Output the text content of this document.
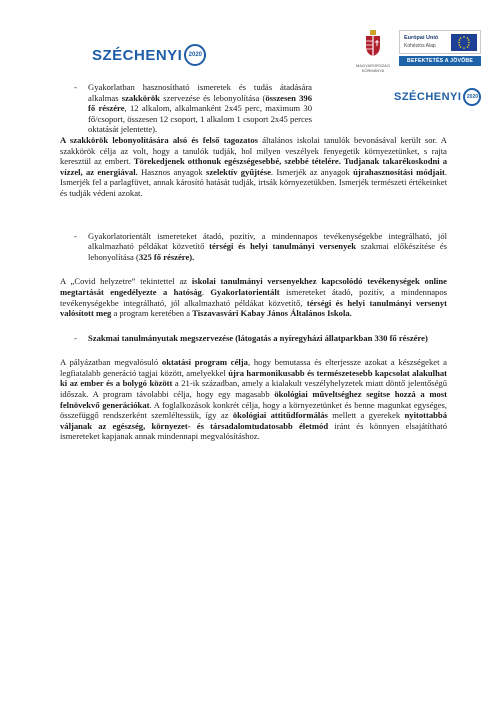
SZÉCHENYI	2020
MAGYARORSZÁG
KORMÁNYA
Európai Unió
Kohéziós Alap
BEFEKTETÉS A JÖVŐBE
SZÉCHENYI	2020
-	Gyakorlatban hasznosítható ismeretek és tudás átadására alkalmas szakkörök szervezése és lebonyolítása (összesen 396 fő részére, 12 alkalom, alkalmanként 2x45 perc, maximum 30 fő/csoport, összesen 12 csoport, 1 alkalom 1 csoport 2x45 perces oktatását jelentette).
A szakkörök lebonyolítására alsó és felső tagozatos általános iskolai tanulók bevonásával került sor. A szakkörök célja az volt, hogy a tanulók tudják, hol milyen veszélyek fenyegetik környezetünket, s rajta keresztül az embert. Törekedjenek otthonuk egészségesebbé, szebbé tételére. Tudjanak takarékoskodni a vízzel, az energiával. Hasznos anyagok szelektív gyűjtése. Ismerjék az anyagok újrahasznosítási módjait. Ismerjék fel a parlagfüvet, annak károsító hatását tudják, irtsák környezetükben. Ismerjék természeti értékeinket és tudják védeni azokat.
-	Gyakorlatorientált ismereteket átadó, pozitív, a mindennapos tevékenységekbe integrálható, jól alkalmazható példákat közvetítő térségi és helyi tanulmányi versenyek szakmai előkészítése és lebonyolítása (325 fő részére).
A „Covid helyzetre” tekintettel az iskolai tanulmányi versenyekhez kapcsolódó tevékenységek online megtartását engedélyezte a hatóság. Gyakorlatorientált ismereteket átadó, pozitív, a mindennapos tevékenységekbe integrálható, jól alkalmazható példákat közvetítő, térségi és helyi tanulmányi versenyt valósított meg a program keretében a Tiszavasvári Kabay János Általános Iskola.
-	Szakmai tanulmányutak megszervezése (látogatás a nyíregyházi állatparkban 330 fő részére)
A pályázatban megvalósuló oktatási program célja, hogy bemutassa és elterjessze azokat a készségeket a legfiatalabb generáció tagjai között, amelyekkel újra harmonikusabb és természetesebb kapcsolat alakulhat ki az ember és a bolygó között a 21-ik században, amely a kialakult veszélyhelyzetek miatt döntő jelentőségű időszak. A program távolabbi célja, hogy egy magasabb ökológiai műveltséghez segítse hozzá a most felnövekvő generációkat. A foglalkozások konkrét célja, hogy a környezetünket és benne magunkat egységes, összefüggő rendszerként szemléltessük, így az ökológiai attitűdformálás mellett a gyerekek nyitottabbá váljanak az egészség, környezet- és társadalomtudatosabb életmód iránt és könnyen elsajátítható ismereteket kapjanak annak mindennapi megvalósításhoz.
